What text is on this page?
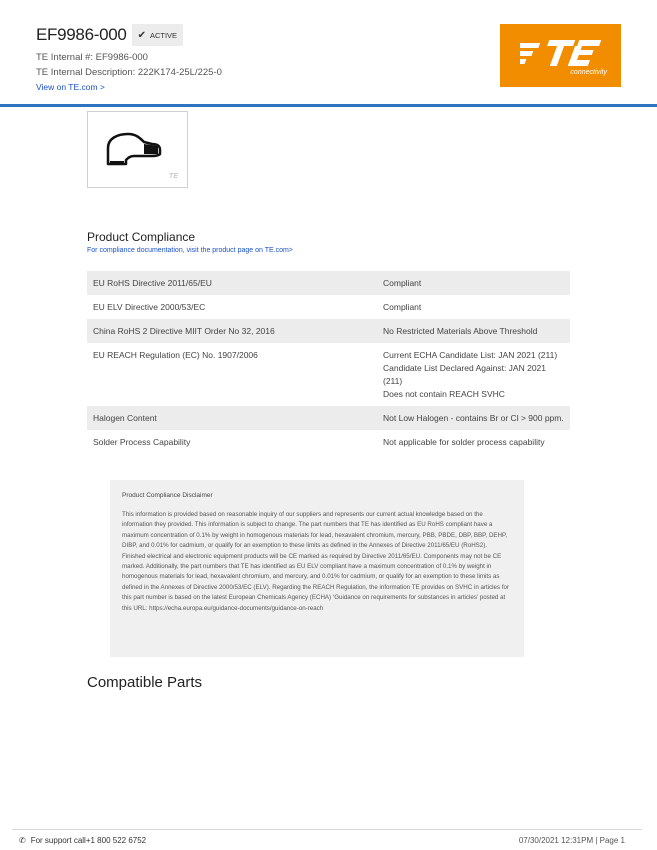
EF9986-000 ✔ ACTIVE
TE Internal #: EF9986-000
TE Internal Description: 222K174-25L/225-0
View on TE.com >
connectivity
TE
Product Compliance
For compliance documentation, visit the product page on TE.com>
EU RoHS Directive 2011/65/EU	Compliant
EU ELV Directive 2000/53/EC	Compliant
China RoHS 2 Directive MIIT Order No 32, 2016	No Restricted Materials Above Threshold
EU REACH Regulation (EC) No. 1907/2006	Current ECHA Candidate List: JAN 2021 (211)
Candidate List Declared Against: JAN 2021 (211)
Does not contain REACH SVHC
Halogen Content	Not Low Halogen - contains Br or Cl > 900 ppm.
Solder Process Capability	Not applicable for solder process capability
Product Compliance Disclaimer
This information is provided based on reasonable inquiry of our suppliers and represents our current actual knowledge based on the information they provided. This information is subject to change. The part numbers that TE has identified as EU RoHS compliant have a maximum concentration of 0.1% by weight in homogenous materials for lead, hexavalent chromium, mercury, PBB, PBDE, DBP, BBP, DEHP, DIBP, and 0.01% for cadmium, or qualify for an exemption to these limits as defined in the Annexes of Directive 2011/65/EU (RoHS2). Finished electrical and electronic equipment products will be CE marked as required by Directive 2011/65/EU. Components may not be CE marked. Additionally, the part numbers that TE has identified as EU ELV compliant have a maximum concentration of 0.1% by weight in homogenous materials for lead, hexavalent chromium, and mercury, and 0.01% for cadmium, or qualify for an exemption to these limits as defined in the Annexes of Directive 2000/53/EC (ELV). Regarding the REACH Regulation, the information TE provides on SVHC in articles for this part number is based on the latest European Chemicals Agency (ECHA) ‘Guidance on requirements for substances in articles’ posted at this URL: https://echa.europa.eu/guidance-documents/guidance-on-reach
Compatible Parts
✆ For support call+1 800 522 6752	07/30/2021 12:31PM | Page 1
